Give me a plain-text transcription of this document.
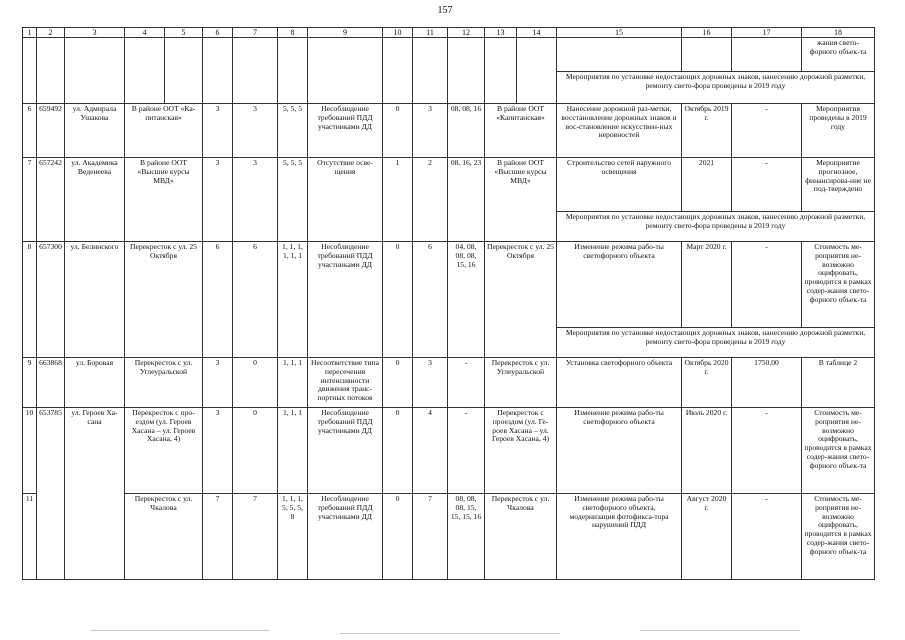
157
1	2	3	4	5	6	7	8	9	10	11	12	13	14	15	16	17	18
																	жания свето-форного объек-та
														Мероприятия по установке недостающих дорожных знаков, нанесению дорожной разметки, ремонту свето-фора проведены в 2019 году			
6	659492	ул. Адмирала Ушакова	В районе ООТ «Ка-питанская»		3	3	5, 5, 5	Несоблюдение требований ПДД участниками ДД	0	3	08, 08, 16	В районе ООТ «Капитанская»		Нанесение дорожной раз-метки, восстановление дорожных знаков и вос-становление искусствен-ных неровностей	Октябрь 2019 г.	-	Мероприятия проведены в 2019 году
7	657242	ул. Академика Веденеева	В районе ООТ «Высшие курсы МВД»		3	3	5, 5, 5	Отсутствие осве-щения	1	2	08, 16, 23	В районе ООТ «Высшие курсы МВД»		Строительство сетей наружного освещения	2021	-	Мероприятие прогнозное, финансирова-ние не под-тверждено
														Мероприятия по установке недостающих дорожных знаков, нанесению дорожной разметки, ремонту свето-фора проведены в 2019 году			
8	657300	ул. Белинского	Перекресток с ул. 25 Октября		6	6	1, 1, 1, 1, 1, 1	Несоблюдение требований ПДД участниками ДД	0	6	04, 08, 08, 08, 15, 16	Перекресток с ул. 25 Октября		Изменение режима рабо-ты светофорного объекта	Март 2020 г.	-	Стоимость ме-роприятия не-возможно оцифровать, проводится в рамках содер-жания свето-форного объек-та
														Мероприятия по установке недостающих дорожных знаков, нанесению дорожной разметки, ремонту свето-фора проведены в 2019 году			
9	663868	ул. Боровая	Перекресток с ул. Углеуральской		3	0	1, 1, 1	Несоответствие типа пересечения интенсивности движения транс-портных потоков	0	3	-	Перекресток с ул. Углеуральской		Установка светофорного объекта	Октябрь 2020 г.	1750,00	В таблице 2
10	653785	ул. Героев Ха-сана	Перекресток с про-ездом (ул. Героев Хасана – ул. Героев Хасана, 4)		3	0	1, 1, 1	Несоблюдение требований ПДД участниками ДД	0	4	-	Перекресток с проездом (ул. Ге-роев Хасана – ул. Героев Хасана, 4)		Изменение режима рабо-ты светофорного объекта	Июль 2020 г.	-	Стоимость ме-роприятия не-возможно оцифровать, проводится в рамках содер-жания свето-форного объек-та
11			Перекресток с ул. Чкалова		7	7	1, 1, 1, 5, 5, 5, 8	Несоблюдение требований ПДД участниками ДД	0	7	08, 08, 08, 15, 15, 15, 16	Перекресток с ул. Чкалова		Изменение режима рабо-ты светофорного объекта, модернизация фотофикса-тора нарушений ПДД	Август 2020 г.	-	Стоимость ме-роприятия не-возможно оцифровать, проводится в рамках содер-жания свето-форного объек-та
